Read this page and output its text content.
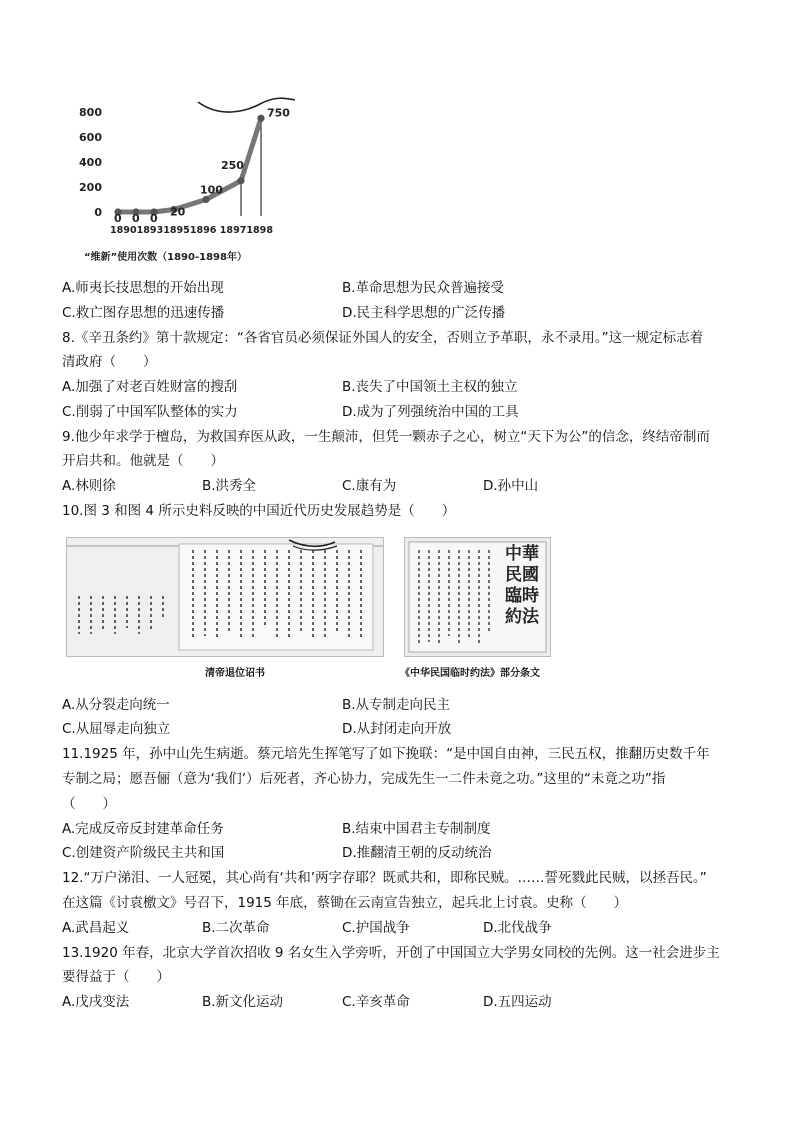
800
600
400
200
0
1890189318951896 18971898
0 0 0 20
100
250
750
“维新”使用次数（1890-1898年）
A.师夷长技思想的开始出现	B.革命思想为民众普遍接受
C.救亡图存思想的迅速传播	D.民主科学思想的广泛传播
8.《辛丑条约》第十款规定：“各省官员必须保证外国人的安全，否则立予革职，永不录用。”这一规定标志着
清政府（　　）
A.加强了对老百姓财富的搜刮	B.丧失了中国领土主权的独立
C.削弱了中国军队整体的实力	D.成为了列强统治中国的工具
9.他少年求学于檀岛，为救国弃医从政，一生颠沛，但凭一颗赤子之心，树立“天下为公”的信念，终结帝制而
开启共和。他就是（　　）
A.林则徐	B.洪秀全	C.康有为	D.孙中山
10.图 3 和图 4 所示史料反映的中国近代历史发展趋势是（　　）
中華民國臨時約法
清帝退位诏书	《中华民国临时约法》部分条文
A.从分裂走向统一	B.从专制走向民主
C.从屈辱走向独立	D.从封闭走向开放
11.1925 年，孙中山先生病逝。蔡元培先生挥笔写了如下挽联：“是中国自由神，三民五权，推翻历史数千年
专制之局；愿吾俪（意为‘我们’）后死者，齐心协力，完成先生一二件未竟之功。”这里的“未竟之功”指
（　　）
A.完成反帝反封建革命任务	B.结束中国君主专制制度
C.创建资产阶级民主共和国	D.推翻清王朝的反动统治
12.“万户涕泪、一人冠冕，其心尚有‘共和’两字存耶？既贰共和，即称民贼。……誓死戮此民贼，以拯吾民。”
在这篇《讨袁檄文》号召下，1915 年底，蔡锄在云南宣告独立，起兵北上讨袁。史称（　　）
A.武昌起义	B.二次革命	C.护国战争	D.北伐战争
13.1920 年春，北京大学首次招收 9 名女生入学旁听，开创了中国国立大学男女同校的先例。这一社会进步主
要得益于（　　）
A.戊戌变法	B.新文化运动	C.辛亥革命	D.五四运动
